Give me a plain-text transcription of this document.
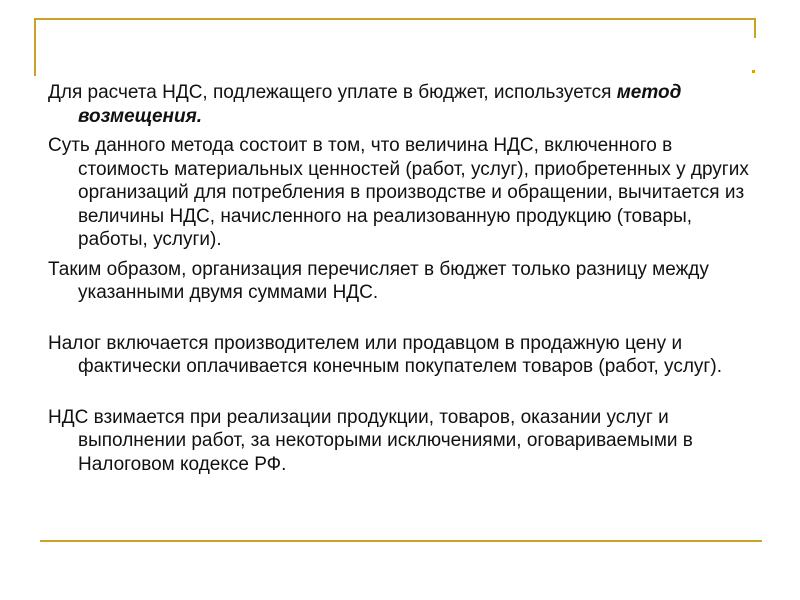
Для расчета НДС, подлежащего уплате в бюджет, используется метод возмещения.

Суть данного метода состоит в том, что величина НДС, включенного в стоимость материальных ценностей (работ, услуг), приобретенных у других организаций для потребления в производстве и обращении, вычитается из величины НДС, начисленного на реализованную продукцию (товары, работы, услуги).

Таким образом, организация перечисляет в бюджет только разницу между указанными двумя суммами НДС.

Налог включается производителем или продавцом в продажную цену и фактически оплачивается конечным покупателем товаров (работ, услуг).

НДС взимается при реализации продукции, товаров, оказании услуг и выполнении работ, за некоторыми исключениями, оговариваемыми в Налоговом кодексе РФ.
